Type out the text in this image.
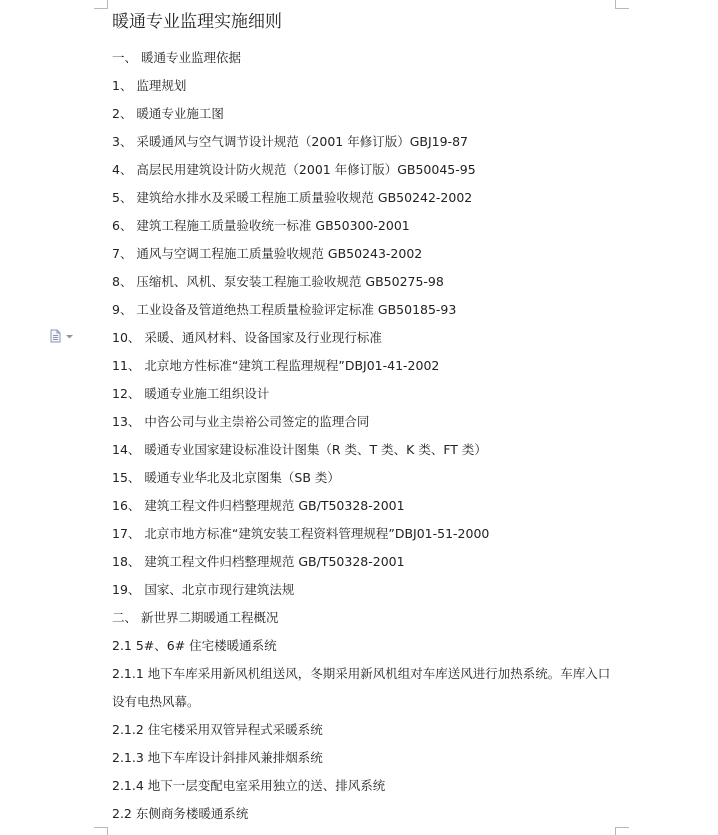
暖通专业监理实施细则
一、 暖通专业监理依据
1、 监理规划
2、 暖通专业施工图
3、 采暖通风与空气调节设计规范（2001 年修订版）GBJ19-87
4、 高层民用建筑设计防火规范（2001 年修订版）GB50045-95
5、 建筑给水排水及采暖工程施工质量验收规范 GB50242-2002
6、 建筑工程施工质量验收统一标准 GB50300-2001
7、 通风与空调工程施工质量验收规范 GB50243-2002
8、 压缩机、风机、泵安装工程施工验收规范 GB50275-98
9、 工业设备及管道绝热工程质量检验评定标准 GB50185-93
10、 采暖、通风材料、设备国家及行业现行标准
11、 北京地方性标准“建筑工程监理规程”DBJ01-41-2002
12、 暖通专业施工组织设计
13、 中咨公司与业主崇裕公司签定的监理合同
14、 暖通专业国家建设标准设计图集（R 类、T 类、K 类、FT 类）
15、 暖通专业华北及北京图集（SB 类）
16、 建筑工程文件归档整理规范 GB/T50328-2001
17、 北京市地方标准“建筑安装工程资料管理规程”DBJ01-51-2000
18、 建筑工程文件归档整理规范 GB/T50328-2001
19、 国家、北京市现行建筑法规
二、 新世界二期暖通工程概况
2.1 5#、6# 住宅楼暖通系统
2.1.1 地下车库采用新风机组送风，冬期采用新风机组对车库送风进行加热系统。车库入口
设有电热风幕。
2.1.2 住宅楼采用双管异程式采暖系统
2.1.3 地下车库设计斜排风兼排烟系统
2.1.4 地下一层变配电室采用独立的送、排风系统
2.2 东侧商务楼暖通系统
